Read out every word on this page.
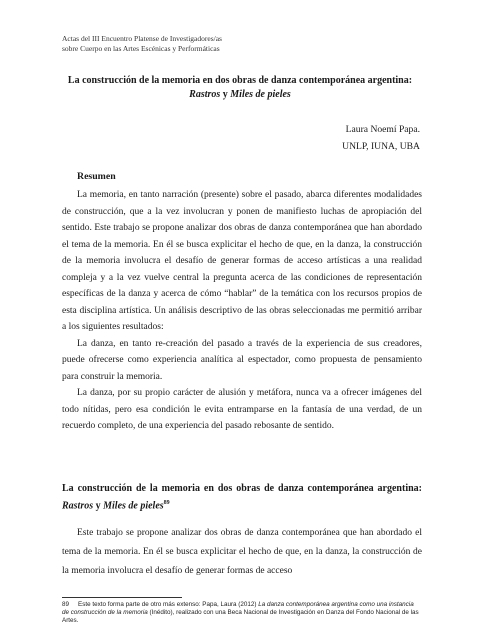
Actas del III Encuentro Platense de Investigadores/as
sobre Cuerpo en las Artes Escénicas y Performáticas
La construcción de la memoria en dos obras de danza contemporánea argentina:
Rastros y Miles de pieles
Laura Noemí Papa.
UNLP, IUNA, UBA
Resumen

La memoria, en tanto narración (presente) sobre el pasado, abarca diferentes modalidades de construcción, que a la vez involucran y ponen de manifiesto luchas de apropiación del sentido. Este trabajo se propone analizar dos obras de danza contemporánea que han abordado el tema de la memoria. En él se busca explicitar el hecho de que, en la danza, la construcción de la memoria involucra el desafío de generar formas de acceso artísticas a una realidad compleja y a la vez vuelve central la pregunta acerca de las condiciones de representación específicas de la danza y acerca de cómo “hablar” de la temática con los recursos propios de esta disciplina artística. Un análisis descriptivo de las obras seleccionadas me permitió arribar a los siguientes resultados:

La danza, en tanto re-creación del pasado a través de la experiencia de sus creadores, puede ofrecerse como experiencia analítica al espectador, como propuesta de pensamiento para construir la memoria.

La danza, por su propio carácter de alusión y metáfora, nunca va a ofrecer imágenes del todo nítidas, pero esa condición le evita entramparse en la fantasía de una verdad, de un recuerdo completo, de una experiencia del pasado rebosante de sentido.

La construcción de la memoria en dos obras de danza contemporánea argentina: Rastros y Miles de pieles$^{89}$

Este trabajo se propone analizar dos obras de danza contemporánea que han abordado el tema de la memoria. En él se busca explicitar el hecho de que, en la danza, la construcción de la memoria involucra el desafío de generar formas de acceso

89 Este texto forma parte de otro más extenso: Papa, Laura (2012) La danza contemporánea argentina como una instancia de construcción de la memoria (Inédito), realizado con una Beca Nacional de Investigación en Danza del Fondo Nacional de las Artes.
